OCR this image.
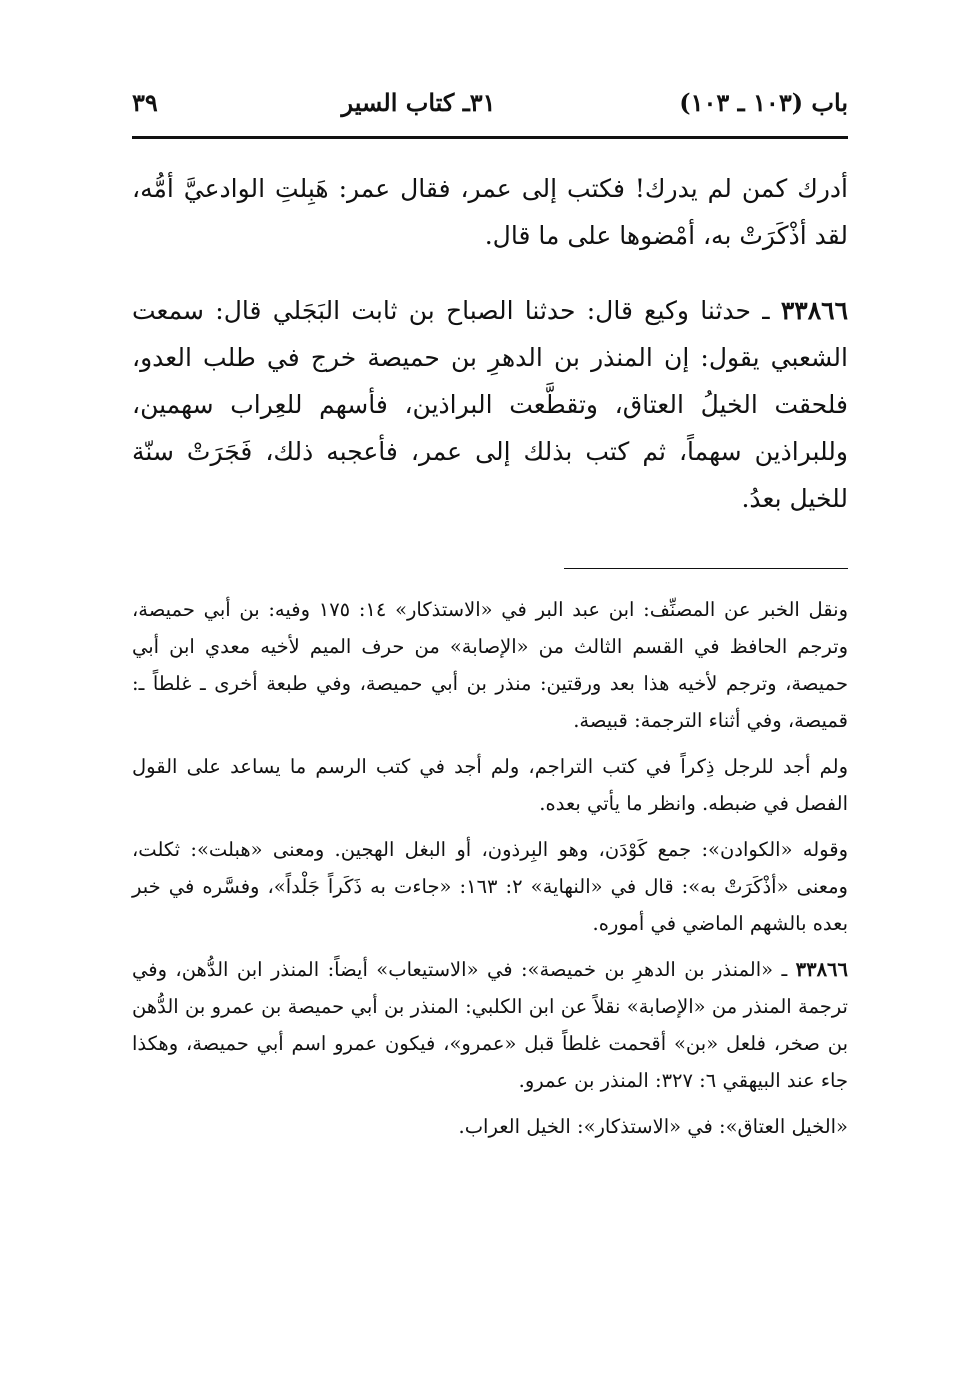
باب (١٠٣ ـ ١٠٣)
٣١ـ كتاب السير
٣٩

أدرك كمن لم يدرك! فكتب إلى عمر، فقال عمر: هَبِلتِ الوادعيَّ أمُّه، لقد أذْكَرَتْ به، أمْضوها على ما قال.

٣٣٨٦٦ ـ حدثنا وكيع قال: حدثنا الصباح بن ثابت البَجَلي قال: سمعت الشعبي يقول: إن المنذر بن الدهرِ بن حميصة خرج في طلب العدو، فلحقت الخيلُ العتاق، وتقطَّعت البراذين، فأسهم للعِراب سهمين، وللبراذين سهماً، ثم كتب بذلك إلى عمر، فأعجبه ذلك، فَجَرَتْ سنّة للخيل بعدُ.

ونقل الخبر عن المصنِّف: ابن عبد البر في «الاستذكار» ١٤: ١٧٥ وفيه: بن أبي حميصة، وترجم الحافظ في القسم الثالث من «الإصابة» من حرف الميم لأخيه معدي ابن أبي حميصة، وترجم لأخيه هذا بعد ورقتين: منذر بن أبي حميصة، وفي طبعة أخرى ـ غلطاً ـ: قميصة، وفي أثناء الترجمة: قبيصة.

ولم أجد للرجل ذِكراً في كتب التراجم، ولم أجد في كتب الرسم ما يساعد على القول الفصل في ضبطه. وانظر ما يأتي بعده.

وقوله «الكوادن»: جمع كَوْدَن، وهو البِرذون، أو البغل الهجين. ومعنى «هبلت»: ثكلت، ومعنى «أذْكَرَتْ به»: قال في «النهاية» ٢: ١٦٣: «جاءت به ذَكَراً جَلْداً»، وفسَّره في خبر بعده بالشهم الماضي في أموره.

٣٣٨٦٦ ـ «المنذر بن الدهرِ بن خميصة»: في «الاستيعاب» أيضاً: المنذر ابن الدُّهن، وفي ترجمة المنذر من «الإصابة» نقلاً عن ابن الكلبي: المنذر بن أبي حميصة بن عمرو بن الدُّهن بن صخر، فلعل «بن» أقحمت غلطاً قبل «عمرو»، فيكون عمرو اسم أبي حميصة، وهكذا جاء عند البيهقي ٦: ٣٢٧: المنذر بن عمرو.

«الخيل العتاق»: في «الاستذكار»: الخيل العراب.
